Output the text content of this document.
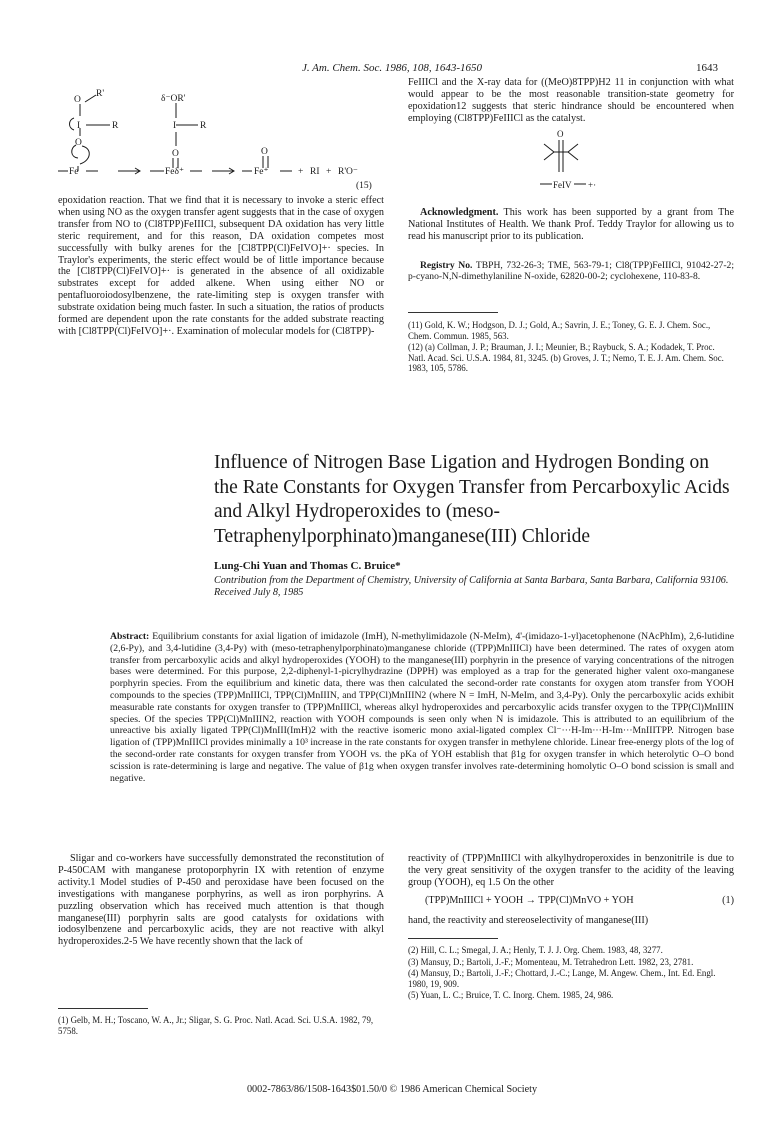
J. Am. Chem. Soc. 1986, 108, 1643-1650	1643
R'
O
I	R
O
Fe
δ⁻OR'
I	R
O
Feδ⁺
O
Fe⁺	+ RI + R'O⁻
(15)

epoxidation reaction. That we find that it is necessary to invoke a steric effect when using NO as the oxygen transfer agent suggests that in the case of oxygen transfer from NO to (Cl8TPP)FeIIICl, subsequent DA oxidation has very little steric requirement, and for this reason, DA oxidation competes most successfully with bulky arenes for the [Cl8TPP(Cl)FeIVO]+· species. In Traylor's experiments, the steric effect would be of little importance because the [Cl8TPP(Cl)FeIVO]+· is generated in the absence of all oxidizable substrates except for added alkene. When using either NO or pentafluoroiodosylbenzene, the rate-limiting step is oxygen transfer with substrate oxidation being much faster. In such a situation, the ratios of products formed are dependent upon the rate constants for the added substrate reacting with [Cl8TPP(Cl)FeIVO]+·. Examination of molecular models for (Cl8TPP)-

FeIIICl and the X-ray data for ((MeO)8TPP)H2 11 in conjunction with what would appear to be the most reasonable transition-state geometry for epoxidation12 suggests that steric hindrance should be encountered when employing (Cl8TPP)FeIIICl as the catalyst.

O
FeIV +·

Acknowledgment. This work has been supported by a grant from The National Institutes of Health. We thank Prof. Teddy Traylor for allowing us to read his manuscript prior to its publication.

Registry No. TBPH, 732-26-3; TME, 563-79-1; Cl8(TPP)FeIIICl, 91042-27-2; p-cyano-N,N-dimethylaniline N-oxide, 62820-00-2; cyclohexene, 110-83-8.

(11) Gold, K. W.; Hodgson, D. J.; Gold, A.; Savrin, J. E.; Toney, G. E. J. Chem. Soc., Chem. Commun. 1985, 563.
(12) (a) Collman, J. P.; Brauman, J. I.; Meunier, B.; Raybuck, S. A.; Kodadek, T. Proc. Natl. Acad. Sci. U.S.A. 1984, 81, 3245. (b) Groves, J. T.; Nemo, T. E. J. Am. Chem. Soc. 1983, 105, 5786.
Influence of Nitrogen Base Ligation and Hydrogen Bonding on the Rate Constants for Oxygen Transfer from Percarboxylic Acids and Alkyl Hydroperoxides to (meso-Tetraphenylporphinato)manganese(III) Chloride
Lung-Chi Yuan and Thomas C. Bruice*
Contribution from the Department of Chemistry, University of California at Santa Barbara, Santa Barbara, California 93106. Received July 8, 1985
Abstract: Equilibrium constants for axial ligation of imidazole (ImH), N-methylimidazole (N-MeIm), 4'-(imidazo-1-yl)acetophenone (NAcPhIm), 2,6-lutidine (2,6-Py), and 3,4-lutidine (3,4-Py) with (meso-tetraphenylporphinato)manganese chloride ((TPP)MnIIICl) have been determined. The rates of oxygen atom transfer from percarboxylic acids and alkyl hydroperoxides (YOOH) to the manganese(III) porphyrin in the presence of varying concentrations of the nitrogen bases were determined. For this purpose, 2,2-diphenyl-1-picrylhydrazine (DPPH) was employed as a trap for the generated higher valent oxo-manganese porphyrin species. From the equilibrium and kinetic data, there was then calculated the second-order rate constants for oxygen atom transfer from YOOH compounds to the species (TPP)MnIIICl, TPP(Cl)MnIIIN, and TPP(Cl)MnIIIN2 (where N = ImH, N-MeIm, and 3,4-Py). Only the percarboxylic acids exhibit measurable rate constants for oxygen transfer to (TPP)MnIIICl, whereas alkyl hydroperoxides and percarboxylic acids transfer oxygen to the TPP(Cl)MnIIIN species. Of the species TPP(Cl)MnIIIN2, reaction with YOOH compounds is seen only when N is imidazole. This is attributed to an equilibrium of the unreactive bis axially ligated TPP(Cl)MnIII(ImH)2 with the reactive isomeric mono axial-ligated complex Cl⁻···H-Im···H-Im···MnIIITPP. Nitrogen base ligation of (TPP)MnIIICl provides minimally a 10³ increase in the rate constants for oxygen transfer in methylene chloride. Linear free-energy plots of the log of the second-order rate constants for oxygen transfer from YOOH vs. the pKa of YOH establish that β1g for oxygen transfer in which heterolytic O–O bond scission is rate-determining is large and negative. The value of β1g when oxygen transfer involves rate-determining homolytic O–O bond scission is small and negative.

Sligar and co-workers have successfully demonstrated the reconstitution of P-450CAM with manganese protoporphyrin IX with retention of enzyme activity.1 Model studies of P-450 and peroxidase have been focused on the investigations with manganese porphyrins, as well as iron porphyrins. A puzzling observation which has received much attention is that though manganese(III) porphyrin salts are good catalysts for oxidations with iodosylbenzene and percarboxylic acids, they are not reactive with alkyl hydroperoxides.2-5 We have recently shown that the lack of

(1) Gelb, M. H.; Toscano, W. A., Jr.; Sligar, S. G. Proc. Natl. Acad. Sci. U.S.A. 1982, 79, 5758.

reactivity of (TPP)MnIIICl with alkylhydroperoxides in benzonitrile is due to the very great sensitivity of the oxygen transfer to the acidity of the leaving group (YOOH), eq 1.5 On the other

(TPP)MnIIICl + YOOH → TPP(Cl)MnVO + YOH	(1)

hand, the reactivity and stereoselectivity of manganese(III)

(2) Hill, C. L.; Smegal, J. A.; Henly, T. J. J. Org. Chem. 1983, 48, 3277.
(3) Mansuy, D.; Bartoli, J.-F.; Momenteau, M. Tetrahedron Lett. 1982, 23, 2781.
(4) Mansuy, D.; Bartoli, J.-F.; Chottard, J.-C.; Lange, M. Angew. Chem., Int. Ed. Engl. 1980, 19, 909.
(5) Yuan, L. C.; Bruice, T. C. Inorg. Chem. 1985, 24, 986.
0002-7863/86/1508-1643$01.50/0 © 1986 American Chemical Society
